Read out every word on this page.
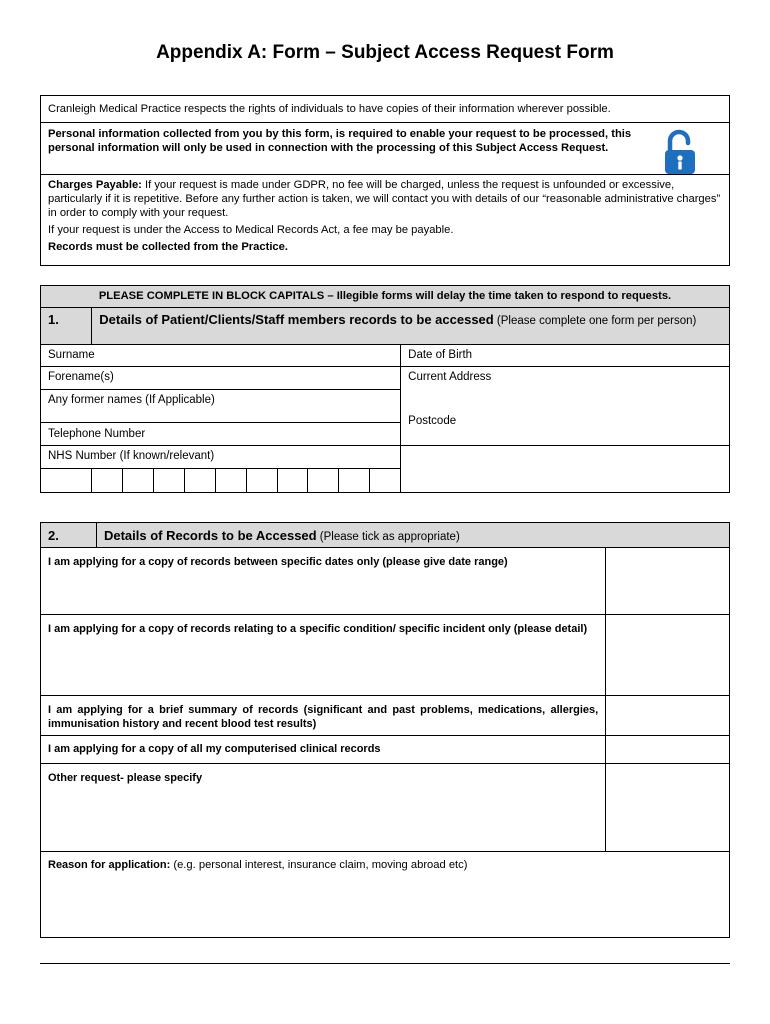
Appendix A: Form – Subject Access Request Form
Cranleigh Medical Practice respects the rights of individuals to have copies of their information wherever possible.
Personal information collected from you by this form, is required to enable your request to be processed, this personal information will only be used in connection with the processing of this Subject Access Request.
Charges Payable: If your request is made under GDPR, no fee will be charged, unless the request is unfounded or excessive, particularly if it is repetitive. Before any further action is taken, we will contact you with details of our “reasonable administrative charges” in order to comply with your request.
If your request is under the Access to Medical Records Act, a fee may be payable.
Records must be collected from the Practice.
PLEASE COMPLETE IN BLOCK CAPITALS – Illegible forms will delay the time taken to respond to requests.											
1.	Details of Patient/Clients/Staff members records to be accessed (Please complete one form per person)										
Surname											Date of Birth
Forename(s)											Current Address
Postcode

Any former names (If Applicable)											
Telephone Number											
NHS Number (If known/relevant)											

2.	Details of Records to be Accessed (Please tick as appropriate)	
I am applying for a copy of records between specific dates only (please give date range)		
I am applying for a copy of records relating to a specific condition/ specific incident only (please detail)		
I am applying for a brief summary of records (significant and past problems, medications, allergies, immunisation history and recent blood test results)		
I am applying for a copy of all my computerised clinical records		
Other request- please specify		
Reason for application: (e.g. personal interest, insurance claim, moving abroad etc)		
